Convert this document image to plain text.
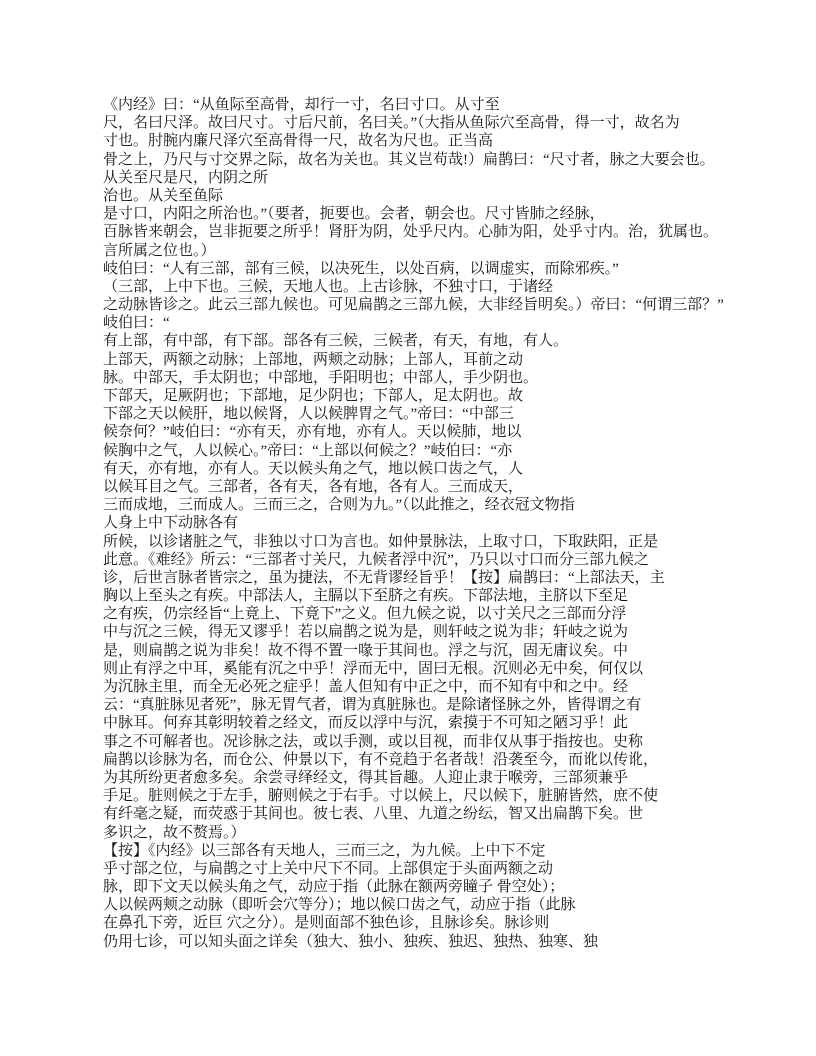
《内经》曰：“从鱼际至高骨，却行一寸，名曰寸口。从寸至
尺，名曰尺泽。故曰尺寸。寸后尺前，名曰关。”（大指从鱼际穴至高骨，得一寸，故名为
寸也。肘腕内廉尺泽穴至高骨得一尺，故名为尺也。正当高
骨之上，乃尺与寸交界之际，故名为关也。其义岂苟哉!）扁鹊曰：“尺寸者，脉之大要会也。
从关至尺是尺，内阴之所
治也。从关至鱼际
是寸口，内阳之所治也。”（要者，扼要也。会者，朝会也。尺寸皆肺之经脉，
百脉皆来朝会，岂非扼要之所乎！肾肝为阴，处乎尺内。心肺为阳，处乎寸内。治，犹属也。
言所属之位也。）
岐伯曰：“人有三部，部有三候，以决死生，以处百病，以调虚实，而除邪疾。”
（三部，上中下也。三候，天地人也。上古诊脉，不独寸口，于诸经
之动脉皆诊之。此云三部九候也。可见扁鹊之三部九候，大非经旨明矣。）帝曰：“何谓三部？”
岐伯曰：“
有上部，有中部，有下部。部各有三候，三候者，有天，有地，有人。
上部天，两额之动脉；上部地，两颊之动脉；上部人，耳前之动
脉。中部天，手太阴也；中部地，手阳明也；中部人，手少阴也。
下部天，足厥阴也；下部地，足少阴也；下部人，足太阴也。故
下部之天以候肝，地以候肾，人以候脾胃之气。”帝曰：“中部三
候奈何？”岐伯曰：“亦有天，亦有地，亦有人。天以候肺，地以
候胸中之气，人以候心。”帝曰：“上部以何候之？”岐伯曰：“亦
有天，亦有地，亦有人。天以候头角之气，地以候口齿之气，人
以候耳目之气。三部者，各有天，各有地，各有人。三而成天，
三而成地，三而成人。三而三之，合则为九。”（以此推之，经衣冠文物指
人身上中下动脉各有
所候，以诊诸脏之气，非独以寸口为言也。如仲景脉法，上取寸口，下取趺阳，正是
此意。《难经》所云：“三部者寸关尺，九候者浮中沉”，乃只以寸口而分三部九候之
诊，后世言脉者皆宗之，虽为捷法，不无背谬经旨乎！【按】扁鹊曰：“上部法天，主
胸以上至头之有疾。中部法人，主膈以下至脐之有疾。下部法地，主脐以下至足
之有疾，仍宗经旨“上竟上、下竟下”之义。但九候之说，以寸关尺之三部而分浮
中与沉之三候，得无又谬乎！若以扁鹊之说为是，则轩岐之说为非；轩岐之说为
是，则扁鹊之说为非矣！故不得不置一喙于其间也。浮之与沉，固无庸议矣。中
则止有浮之中耳，奚能有沉之中乎！浮而无中，固曰无根。沉则必无中矣，何仅以
为沉脉主里，而全无必死之症乎！盖人但知有中正之中，而不知有中和之中。经
云：“真脏脉见者死”，脉无胃气者，谓为真脏脉也。是除诸怪脉之外，皆得谓之有
中脉耳。何弃其彰明较着之经文，而反以浮中与沉，索摸于不可知之陋习乎！此
事之不可解者也。况诊脉之法，或以手测，或以目视，而非仅从事于指按也。史称
扁鹊以诊脉为名，而仓公、仲景以下，有不竞趋于名者哉！沿袭至今，而讹以传讹，
为其所纷更者愈多矣。余尝寻绎经文，得其旨趣。人迎止隶于喉旁，三部须兼乎
手足。脏则候之于左手，腑则候之于右手。寸以候上，尺以候下，脏腑皆然，庶不使
有纤毫之疑，而荧惑于其间也。彼七表、八里、九道之纷纭，智又出扁鹊下矣。世
多识之，故不赘焉。）
【按】《内经》以三部各有天地人，三而三之，为九候。上中下不定
乎寸部之位，与扁鹊之寸上关中尺下不同。上部俱定于头面两额之动
脉，即下文天以候头角之气，动应于指（此脉在额两旁瞳子 骨空处）；
人以候两颊之动脉（即听会穴等分）；地以候口齿之气，动应于指（此脉
在鼻孔下旁，近巨 穴之分）。是则面部不独色诊，且脉诊矣。脉诊则
仍用七诊，可以知头面之详矣（独大、独小、独疾、独迟、独热、独寒、独
